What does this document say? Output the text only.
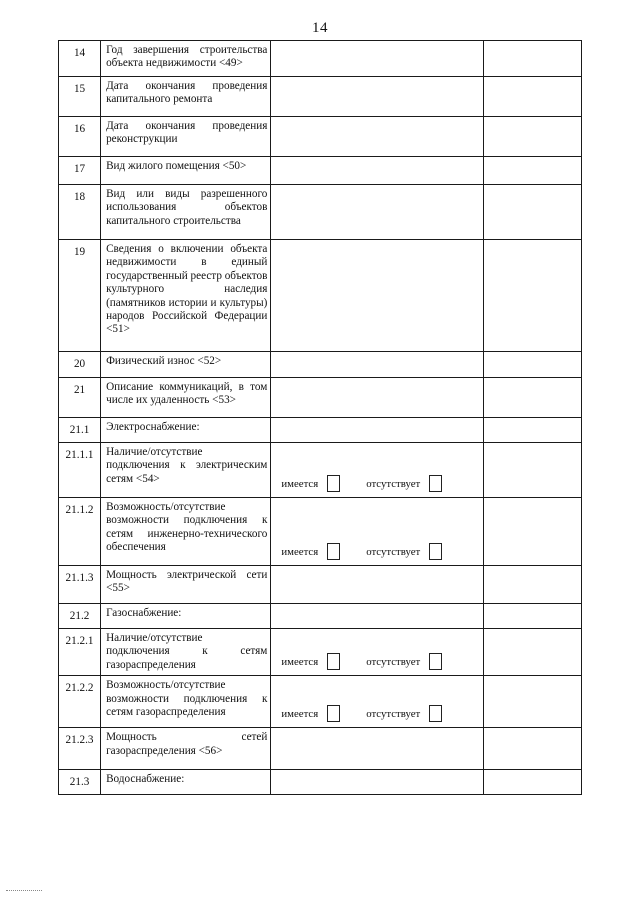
14
14	Год завершения строительства объекта недвижимости <49>		
15	Дата окончания проведения капитального ремонта		
16	Дата окончания проведения реконструкции		
17	Вид жилого помещения <50>		
18	Вид или виды разрешенного использования объектов капитального строительства		
19	Сведения о включении объекта недвижимости в единый государственный реестр объектов культурного наследия (памятников истории и культуры) народов Российской Федерации <51>		
20	Физический износ <52>		
21	Описание коммуникаций, в том числе их удаленность <53>		
21.1	Электроснабжение:		
21.1.1	Наличие/отсутствие подключения к электрическим сетям <54>	имеется отсутствует	

21.1.2	Возможность/отсутствие возможности подключения к сетям инженерно-технического обеспечения	имеется отсутствует	

21.1.3	Мощность электрической сети <55>		
21.2	Газоснабжение:		
21.2.1	Наличие/отсутствие подключения к сетям газораспределения	имеется отсутствует	

21.2.2	Возможность/отсутствие возможности подключения к сетям газораспределения	имеется отсутствует	

21.2.3	Мощность сетей газораспределения <56>		
21.3	Водоснабжение:		
